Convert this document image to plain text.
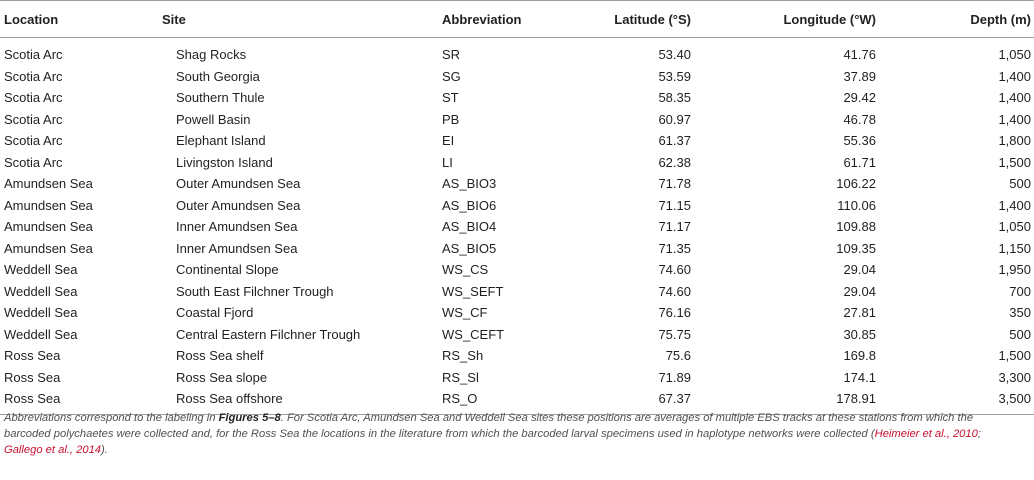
Location	Site	Abbreviation	Latitude (°S)	Longitude (°W)	Depth (m)
Scotia Arc	Shag Rocks	SR	53.40	41.76	1,050
Scotia Arc	South Georgia	SG	53.59	37.89	1,400
Scotia Arc	Southern Thule	ST	58.35	29.42	1,400
Scotia Arc	Powell Basin	PB	60.97	46.78	1,400
Scotia Arc	Elephant Island	EI	61.37	55.36	1,800
Scotia Arc	Livingston Island	LI	62.38	61.71	1,500
Amundsen Sea	Outer Amundsen Sea	AS_BIO3	71.78	106.22	500
Amundsen Sea	Outer Amundsen Sea	AS_BIO6	71.15	110.06	1,400
Amundsen Sea	Inner Amundsen Sea	AS_BIO4	71.17	109.88	1,050
Amundsen Sea	Inner Amundsen Sea	AS_BIO5	71.35	109.35	1,150
Weddell Sea	Continental Slope	WS_CS	74.60	29.04	1,950
Weddell Sea	South East Filchner Trough	WS_SEFT	74.60	29.04	700
Weddell Sea	Coastal Fjord	WS_CF	76.16	27.81	350
Weddell Sea	Central Eastern Filchner Trough	WS_CEFT	75.75	30.85	500
Ross Sea	Ross Sea shelf	RS_Sh	75.6	169.8	1,500
Ross Sea	Ross Sea slope	RS_Sl	71.89	174.1	3,300
Ross Sea	Ross Sea offshore	RS_O	67.37	178.91	3,500
Abbreviations correspond to the labeling in Figures 5–8. For Scotia Arc, Amundsen Sea and Weddell Sea sites these positions are averages of multiple EBS tracks at these stations from which the barcoded polychaetes were collected and, for the Ross Sea the locations in the literature from which the barcoded larval specimens used in haplotype networks were collected (Heimeier et al., 2010; Gallego et al., 2014).
